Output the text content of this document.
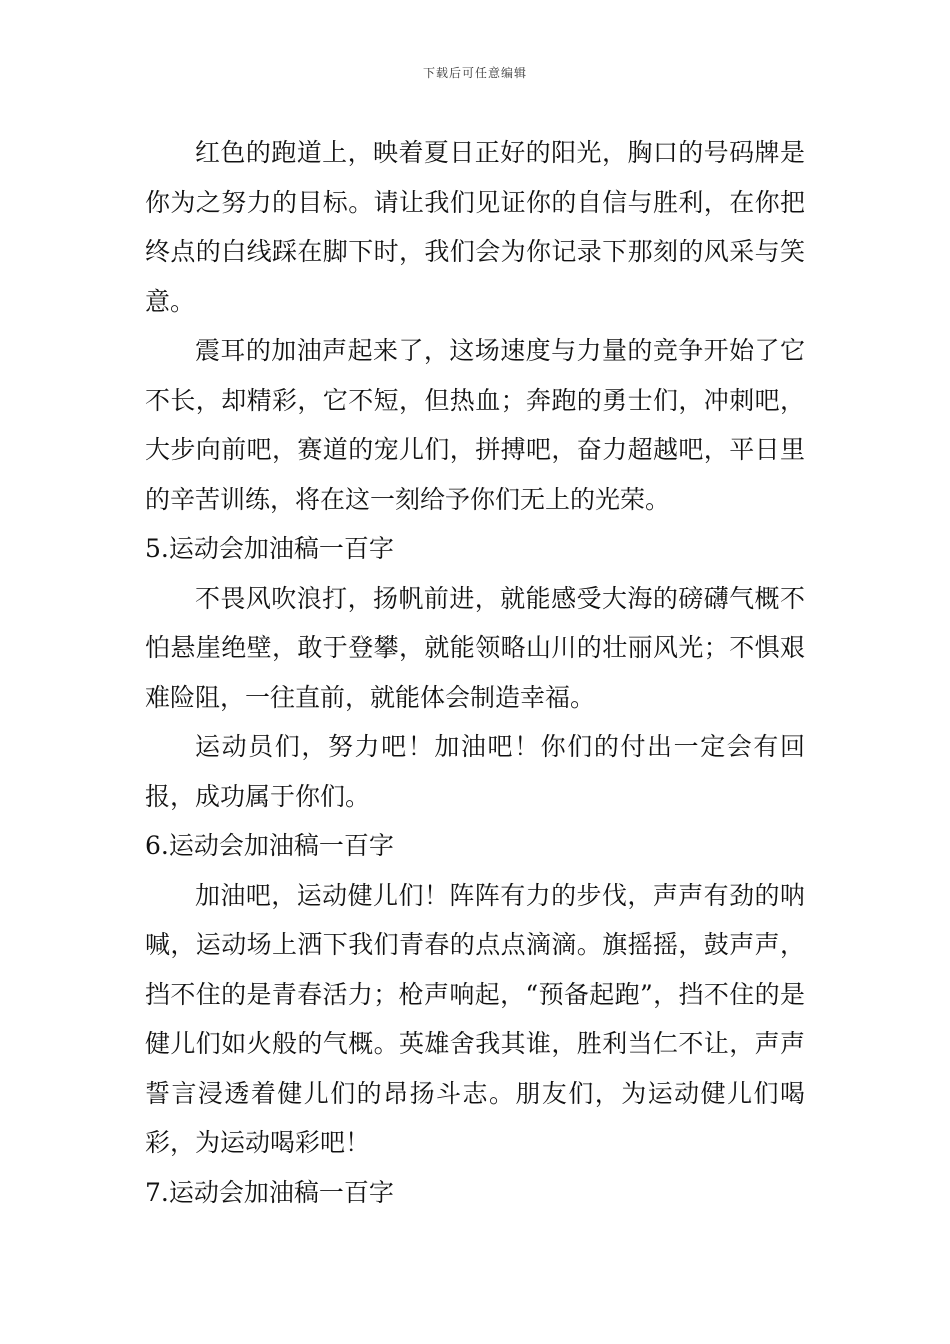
下载后可任意编辑

红色的跑道上，映着夏日正好的阳光，胸口的号码牌是你为之努力的目标。请让我们见证你的自信与胜利，在你把终点的白线踩在脚下时，我们会为你记录下那刻的风采与笑意。

震耳的加油声起来了，这场速度与力量的竞争开始了它不长，却精彩，它不短，但热血；奔跑的勇士们，冲刺吧，大步向前吧，赛道的宠儿们，拼搏吧，奋力超越吧，平日里的辛苦训练，将在这一刻给予你们无上的光荣。

5.运动会加油稿一百字

不畏风吹浪打，扬帆前进，就能感受大海的磅礴气概不怕悬崖绝壁，敢于登攀，就能领略山川的壮丽风光；不惧艰难险阻，一往直前，就能体会制造幸福。

运动员们，努力吧！加油吧！你们的付出一定会有回报，成功属于你们。

6.运动会加油稿一百字

加油吧，运动健儿们！阵阵有力的步伐，声声有劲的呐喊，运动场上洒下我们青春的点点滴滴。旗摇摇，鼓声声，挡不住的是青春活力；枪声响起，“预备起跑”，挡不住的是健儿们如火般的气概。英雄舍我其谁，胜利当仁不让，声声誓言浸透着健儿们的昂扬斗志。朋友们，为运动健儿们喝彩，为运动喝彩吧！

7.运动会加油稿一百字
